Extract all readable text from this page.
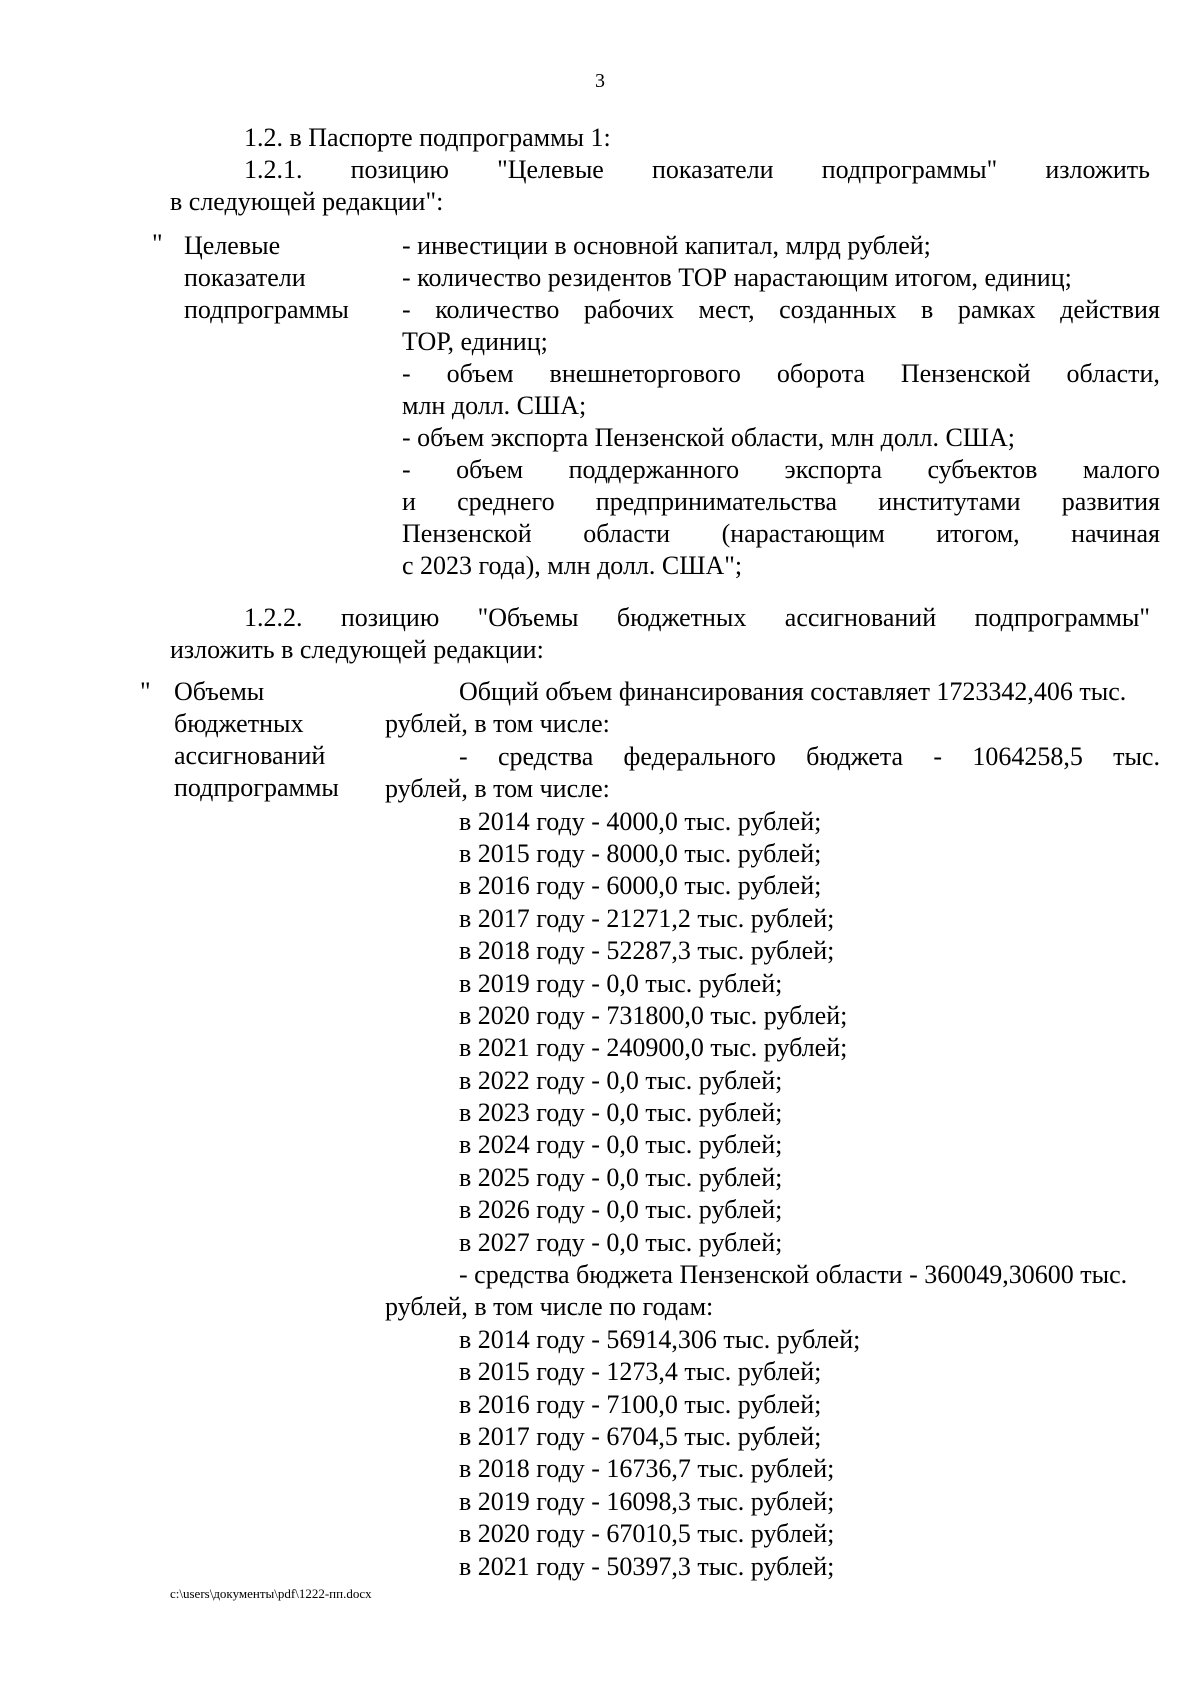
3
1.2. в Паспорте подпрограммы 1:
1.2.1. позицию "Целевые показатели подпрограммы" изложить
в следующей редакции":
" Целевые
показатели
подпрограммы
- инвестиции в основной капитал, млрд рублей;
- количество резидентов ТОР нарастающим итогом, единиц;
- количество рабочих мест, созданных в рамках действия
ТОР, единиц;
- объем внешнеторгового оборота Пензенской области,
млн долл. США;
- объем экспорта Пензенской области, млн долл. США;
- объем поддержанного экспорта субъектов малого
и среднего предпринимательства институтами развития
Пензенской области (нарастающим итогом, начиная
с 2023 года), млн долл. США";
1.2.2. позицию "Объемы бюджетных ассигнований подпрограммы"
изложить в следующей редакции:
" Объемы
бюджетных
ассигнований
подпрограммы
Общий объем финансирования составляет 1723342,406 тыс.
рублей, в том числе:
- средства федерального бюджета - 1064258,5 тыс.
рублей, в том числе:
в 2014 году - 4000,0 тыс. рублей;
в 2015 году - 8000,0 тыс. рублей;
в 2016 году - 6000,0 тыс. рублей;
в 2017 году - 21271,2 тыс. рублей;
в 2018 году - 52287,3 тыс. рублей;
в 2019 году - 0,0 тыс. рублей;
в 2020 году - 731800,0 тыс. рублей;
в 2021 году - 240900,0 тыс. рублей;
в 2022 году - 0,0 тыс. рублей;
в 2023 году - 0,0 тыс. рублей;
в 2024 году - 0,0 тыс. рублей;
в 2025 году - 0,0 тыс. рублей;
в 2026 году - 0,0 тыс. рублей;
в 2027 году - 0,0 тыс. рублей;
- средства бюджета Пензенской области - 360049,30600 тыс.
рублей, в том числе по годам:
в 2014 году - 56914,306 тыс. рублей;
в 2015 году - 1273,4 тыс. рублей;
в 2016 году - 7100,0 тыс. рублей;
в 2017 году - 6704,5 тыс. рублей;
в 2018 году - 16736,7 тыс. рублей;
в 2019 году - 16098,3 тыс. рублей;
в 2020 году - 67010,5 тыс. рублей;
в 2021 году - 50397,3 тыс. рублей;
c:\users\документы\pdf\1222-пп.docx
